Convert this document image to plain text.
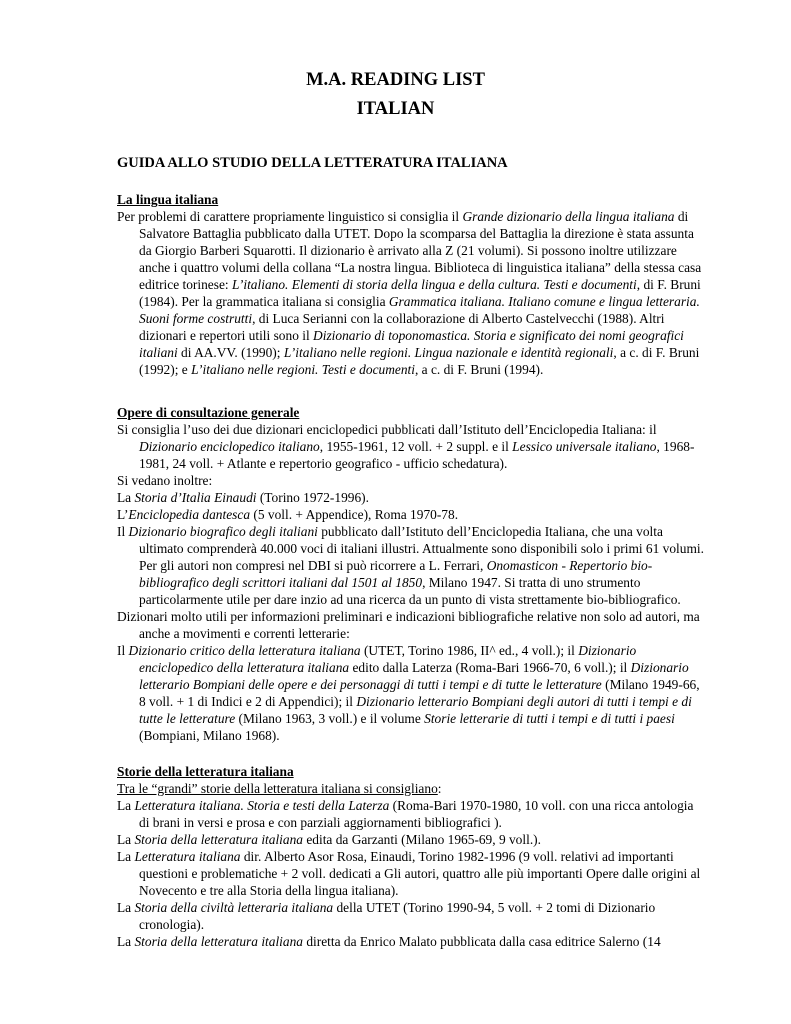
M.A. READING LIST
ITALIAN
GUIDA ALLO STUDIO DELLA LETTERATURA ITALIANA
La lingua italiana
Per problemi di carattere propriamente linguistico si consiglia il Grande dizionario della lingua italiana di Salvatore Battaglia pubblicato dalla UTET. Dopo la scomparsa del Battaglia la direzione è stata assunta da Giorgio Barberi Squarotti. Il dizionario è arrivato alla Z (21 volumi). Si possono inoltre utilizzare anche i quattro volumi della collana “La nostra lingua. Biblioteca di linguistica italiana” della stessa casa editrice torinese: L’italiano. Elementi di storia della lingua e della cultura. Testi e documenti, di F. Bruni (1984). Per la grammatica italiana si consiglia Grammatica italiana. Italiano comune e lingua letteraria. Suoni forme costrutti, di Luca Serianni con la collaborazione di Alberto Castelvecchi (1988). Altri dizionari e repertori utili sono il Dizionario di toponomastica. Storia e significato dei nomi geografici italiani di AA.VV. (1990); L’italiano nelle regioni. Lingua nazionale e identità regionali, a c. di F. Bruni (1992); e L’italiano nelle regioni. Testi e documenti, a c. di F. Bruni (1994).
Opere di consultazione generale
Si consiglia l’uso dei due dizionari enciclopedici pubblicati dall’Istituto dell’Enciclopedia Italiana: il Dizionario enciclopedico italiano, 1955-1961, 12 voll. + 2 suppl. e il Lessico universale italiano, 1968-1981, 24 voll. + Atlante e repertorio geografico - ufficio schedatura).
Si vedano inoltre:
La Storia d’Italia Einaudi (Torino 1972-1996).
L’Enciclopedia dantesca (5 voll. + Appendice), Roma 1970-78.
Il Dizionario biografico degli italiani pubblicato dall’Istituto dell’Enciclopedia Italiana, che una volta ultimato comprenderà 40.000 voci di italiani illustri. Attualmente sono disponibili solo i primi 61 volumi. Per gli autori non compresi nel DBI si può ricorrere a L. Ferrari, Onomasticon - Repertorio bio-bibliografico degli scrittori italiani dal 1501 al 1850, Milano 1947. Si tratta di uno strumento particolarmente utile per dare inzio ad una ricerca da un punto di vista strettamente bio-bibliografico.
Dizionari molto utili per informazioni preliminari e indicazioni bibliografiche relative non solo ad autori, ma anche a movimenti e correnti letterarie:
Il Dizionario critico della letteratura italiana (UTET, Torino 1986, II^ ed., 4 voll.); il Dizionario enciclopedico della letteratura italiana edito dalla Laterza (Roma-Bari 1966-70, 6 voll.); il Dizionario letterario Bompiani delle opere e dei personaggi di tutti i tempi e di tutte le letterature (Milano 1949-66, 8 voll. + 1 di Indici e 2 di Appendici); il Dizionario letterario Bompiani degli autori di tutti i tempi e di tutte le letterature (Milano 1963, 3 voll.) e il volume Storie letterarie di tutti i tempi e di tutti i paesi (Bompiani, Milano 1968).
Storie della letteratura italiana
Tra le “grandi” storie della letteratura italiana si consigliano:
La Letteratura italiana. Storia e testi della Laterza (Roma-Bari 1970-1980, 10 voll. con una ricca antologia di brani in versi e prosa e con parziali aggiornamenti bibliografici ).
La Storia della letteratura italiana edita da Garzanti (Milano 1965-69, 9 voll.).
La Letteratura italiana dir. Alberto Asor Rosa, Einaudi, Torino 1982-1996 (9 voll. relativi ad importanti questioni e problematiche + 2 voll. dedicati a Gli autori, quattro alle più importanti Opere dalle origini al Novecento e tre alla Storia della lingua italiana).
La Storia della civiltà letteraria italiana della UTET (Torino 1990-94, 5 voll. + 2 tomi di Dizionario cronologia).
La Storia della letteratura italiana diretta da Enrico Malato pubblicata dalla casa editrice Salerno (14
